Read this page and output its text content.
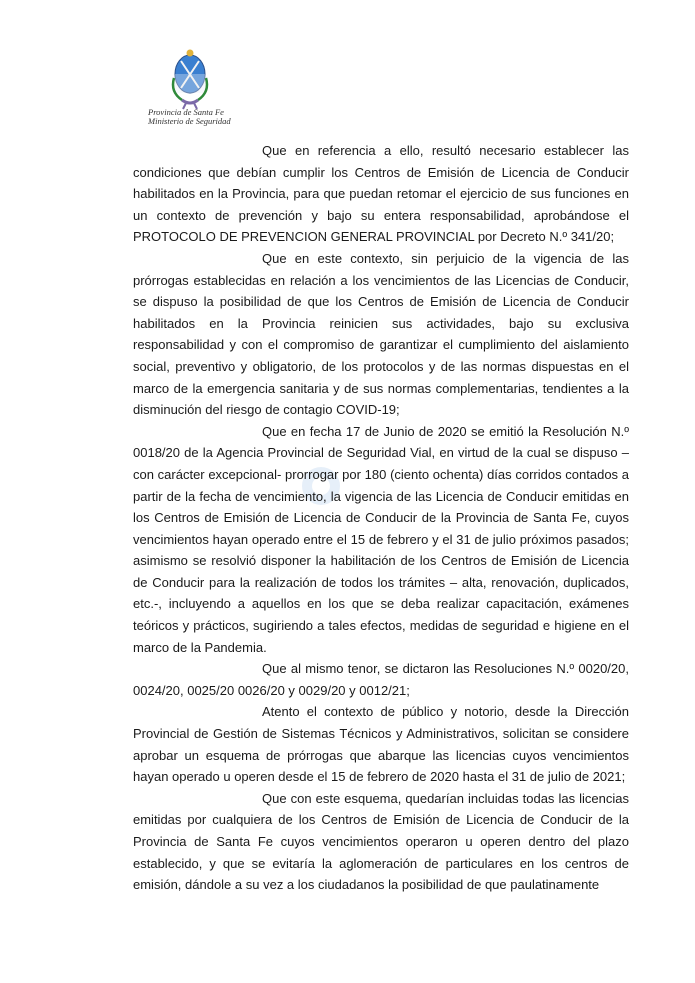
Provincia de Santa Fe
Ministerio de Seguridad

Que en referencia a ello, resultó necesario establecer las condiciones que debían cumplir los Centros de Emisión de Licencia de Conducir habilitados en la Provincia, para que puedan retomar el ejercicio de sus funciones en un contexto de prevención y bajo su entera responsabilidad, aprobándose el PROTOCOLO DE PREVENCION GENERAL PROVINCIAL por Decreto N.º 341/20;

Que en este contexto, sin perjuicio de la vigencia de las prórrogas establecidas en relación a los vencimientos de las Licencias de Conducir, se dispuso la posibilidad de que los Centros de Emisión de Licencia de Conducir habilitados en la Provincia reinicien sus actividades, bajo su exclusiva responsabilidad y con el compromiso de garantizar el cumplimiento del aislamiento social, preventivo y obligatorio, de los protocolos y de las normas dispuestas en el marco de la emergencia sanitaria y de sus normas complementarias, tendientes a la disminución del riesgo de contagio COVID-19;

Que en fecha 17 de Junio de 2020 se emitió la Resolución N.º 0018/20 de la Agencia Provincial de Seguridad Vial, en virtud de la cual se dispuso –con carácter excepcional- prorrogar por 180 (ciento ochenta) días corridos contados a partir de la fecha de vencimiento, la vigencia de las Licencia de Conducir emitidas en los Centros de Emisión de Licencia de Conducir de la Provincia de Santa Fe, cuyos vencimientos hayan operado entre el 15 de febrero y el 31 de julio próximos pasados; asimismo se resolvió disponer la habilitación de los Centros de Emisión de Licencia de Conducir para la realización de todos los trámites – alta, renovación, duplicados, etc.-, incluyendo a aquellos en los que se deba realizar capacitación, exámenes teóricos y prácticos, sugiriendo a tales efectos, medidas de seguridad e higiene en el marco de la Pandemia.

Que al mismo tenor, se dictaron las Resoluciones N.º 0020/20, 0024/20, 0025/20 0026/20 y 0029/20 y 0012/21;

Atento el contexto de público y notorio, desde la Dirección Provincial de Gestión de Sistemas Técnicos y Administrativos, solicitan se considere aprobar un esquema de prórrogas que abarque las licencias cuyos vencimientos hayan operado u operen desde el 15 de febrero de 2020 hasta el 31 de julio de 2021;

Que con este esquema, quedarían incluidas todas las licencias emitidas por cualquiera de los Centros de Emisión de Licencia de Conducir de la Provincia de Santa Fe cuyos vencimientos operaron u operen dentro del plazo establecido, y que se evitaría la aglomeración de particulares en los centros de emisión, dándole a su vez a los ciudadanos la posibilidad de que paulatinamente
